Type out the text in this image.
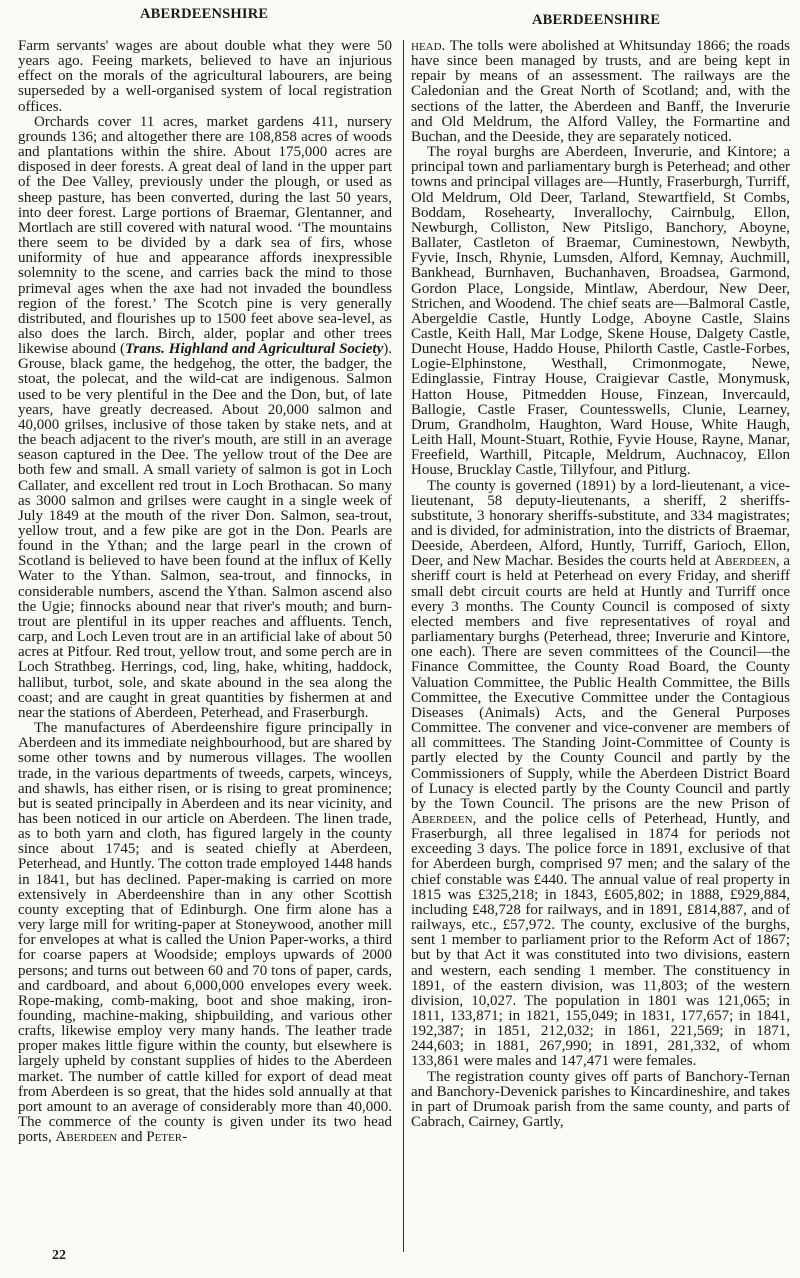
ABERDEENSHIRE	ABERDEENSHIRE

Farm servants' wages are about double what they were 50 years ago. Feeing markets, believed to have an injurious effect on the morals of the agricultural labourers, are being superseded by a well-organised system of local registration offices.

Orchards cover 11 acres, market gardens 411, nursery grounds 136; and altogether there are 108,858 acres of woods and plantations within the shire. About 175,000 acres are disposed in deer forests. A great deal of land in the upper part of the Dee Valley, previously under the plough, or used as sheep pasture, has been converted, during the last 50 years, into deer forest. Large portions of Braemar, Glentanner, and Mortlach are still covered with natural wood. ‘The mountains there seem to be divided by a dark sea of firs, whose uniformity of hue and appearance affords inexpressible solemnity to the scene, and carries back the mind to those primeval ages when the axe had not invaded the boundless region of the forest.’ The Scotch pine is very generally distributed, and flourishes up to 1500 feet above sea-level, as also does the larch. Birch, alder, poplar and other trees likewise abound (Trans. Highland and Agricultural Society). Grouse, black game, the hedgehog, the otter, the badger, the stoat, the polecat, and the wild-cat are indigenous. Salmon used to be very plentiful in the Dee and the Don, but, of late years, have greatly decreased. About 20,000 salmon and 40,000 grilses, inclusive of those taken by stake nets, and at the beach adjacent to the river's mouth, are still in an average season captured in the Dee. The yellow trout of the Dee are both few and small. A small variety of salmon is got in Loch Callater, and excellent red trout in Loch Brothacan. So many as 3000 salmon and grilses were caught in a single week of July 1849 at the mouth of the river Don. Salmon, sea-trout, yellow trout, and a few pike are got in the Don. Pearls are found in the Ythan; and the large pearl in the crown of Scotland is believed to have been found at the influx of Kelly Water to the Ythan. Salmon, sea-trout, and finnocks, in considerable numbers, ascend the Ythan. Salmon ascend also the Ugie; finnocks abound near that river's mouth; and burn-trout are plentiful in its upper reaches and affluents. Tench, carp, and Loch Leven trout are in an artificial lake of about 50 acres at Pitfour. Red trout, yellow trout, and some perch are in Loch Strathbeg. Herrings, cod, ling, hake, whiting, haddock, hallibut, turbot, sole, and skate abound in the sea along the coast; and are caught in great quantities by fishermen at and near the stations of Aberdeen, Peterhead, and Fraserburgh.

The manufactures of Aberdeenshire figure principally in Aberdeen and its immediate neighbourhood, but are shared by some other towns and by numerous villages. The woollen trade, in the various departments of tweeds, carpets, winceys, and shawls, has either risen, or is rising to great prominence; but is seated principally in Aberdeen and its near vicinity, and has been noticed in our article on Aberdeen. The linen trade, as to both yarn and cloth, has figured largely in the county since about 1745; and is seated chiefly at Aberdeen, Peterhead, and Huntly. The cotton trade employed 1448 hands in 1841, but has declined. Paper-making is carried on more extensively in Aberdeenshire than in any other Scottish county excepting that of Edinburgh. One firm alone has a very large mill for writing-paper at Stoneywood, another mill for envelopes at what is called the Union Paper-works, a third for coarse papers at Woodside; employs upwards of 2000 persons; and turns out between 60 and 70 tons of paper, cards, and cardboard, and about 6,000,000 envelopes every week. Rope-making, comb-making, boot and shoe making, iron-founding, machine-making, shipbuilding, and various other crafts, likewise employ very many hands. The leather trade proper makes little figure within the county, but elsewhere is largely upheld by constant supplies of hides to the Aberdeen market. The number of cattle killed for export of dead meat from Aberdeen is so great, that the hides sold annually at that port amount to an average of considerably more than 40,000. The commerce of the county is given under its two head ports, Aberdeen and Peter-

head. The tolls were abolished at Whitsunday 1866; the roads have since been managed by trusts, and are being kept in repair by means of an assessment. The railways are the Caledonian and the Great North of Scotland; and, with the sections of the latter, the Aberdeen and Banff, the Inverurie and Old Meldrum, the Alford Valley, the Formartine and Buchan, and the Deeside, they are separately noticed.

The royal burghs are Aberdeen, Inverurie, and Kintore; a principal town and parliamentary burgh is Peterhead; and other towns and principal villages are—Huntly, Fraserburgh, Turriff, Old Meldrum, Old Deer, Tarland, Stewartfield, St Combs, Boddam, Rosehearty, Inverallochy, Cairnbulg, Ellon, Newburgh, Colliston, New Pitsligo, Banchory, Aboyne, Ballater, Castleton of Braemar, Cuminestown, Newbyth, Fyvie, Insch, Rhynie, Lumsden, Alford, Kemnay, Auchmill, Bankhead, Burnhaven, Buchanhaven, Broadsea, Garmond, Gordon Place, Longside, Mintlaw, Aberdour, New Deer, Strichen, and Woodend. The chief seats are—Balmoral Castle, Abergeldie Castle, Huntly Lodge, Aboyne Castle, Slains Castle, Keith Hall, Mar Lodge, Skene House, Dalgety Castle, Dunecht House, Haddo House, Philorth Castle, Castle-Forbes, Logie-Elphinstone, Westhall, Crimonmogate, Newe, Edinglassie, Fintray House, Craigievar Castle, Monymusk, Hatton House, Pitmedden House, Finzean, Invercauld, Ballogie, Castle Fraser, Countesswells, Clunie, Learney, Drum, Grandholm, Haughton, Ward House, White Haugh, Leith Hall, Mount-Stuart, Rothie, Fyvie House, Rayne, Manar, Freefield, Warthill, Pitcaple, Meldrum, Auchnacoy, Ellon House, Brucklay Castle, Tillyfour, and Pitlurg.

The county is governed (1891) by a lord-lieutenant, a vice-lieutenant, 58 deputy-lieutenants, a sheriff, 2 sheriffs-substitute, 3 honorary sheriffs-substitute, and 334 magistrates; and is divided, for administration, into the districts of Braemar, Deeside, Aberdeen, Alford, Huntly, Turriff, Garioch, Ellon, Deer, and New Machar. Besides the courts held at Aberdeen, a sheriff court is held at Peterhead on every Friday, and sheriff small debt circuit courts are held at Huntly and Turriff once every 3 months. The County Council is composed of sixty elected members and five representatives of royal and parliamentary burghs (Peterhead, three; Inverurie and Kintore, one each). There are seven committees of the Council—the Finance Committee, the County Road Board, the County Valuation Committee, the Public Health Committee, the Bills Committee, the Executive Committee under the Contagious Diseases (Animals) Acts, and the General Purposes Committee. The convener and vice-convener are members of all committees. The Standing Joint-Committee of County is partly elected by the County Council and partly by the Commissioners of Supply, while the Aberdeen District Board of Lunacy is elected partly by the County Council and partly by the Town Council. The prisons are the new Prison of Aberdeen, and the police cells of Peterhead, Huntly, and Fraserburgh, all three legalised in 1874 for periods not exceeding 3 days. The police force in 1891, exclusive of that for Aberdeen burgh, comprised 97 men; and the salary of the chief constable was £440. The annual value of real property in 1815 was £325,218; in 1843, £605,802; in 1888, £929,884, including £48,728 for railways, and in 1891, £814,887, and of railways, etc., £57,972. The county, exclusive of the burghs, sent 1 member to parliament prior to the Reform Act of 1867; but by that Act it was constituted into two divisions, eastern and western, each sending 1 member. The constituency in 1891, of the eastern division, was 11,803; of the western division, 10,027. The population in 1801 was 121,065; in 1811, 133,871; in 1821, 155,049; in 1831, 177,657; in 1841, 192,387; in 1851, 212,032; in 1861, 221,569; in 1871, 244,603; in 1881, 267,990; in 1891, 281,332, of whom 133,861 were males and 147,471 were females.

The registration county gives off parts of Banchory-Ternan and Banchory-Devenick parishes to Kincardineshire, and takes in part of Drumoak parish from the same county, and parts of Cabrach, Cairney, Gartly,

22
